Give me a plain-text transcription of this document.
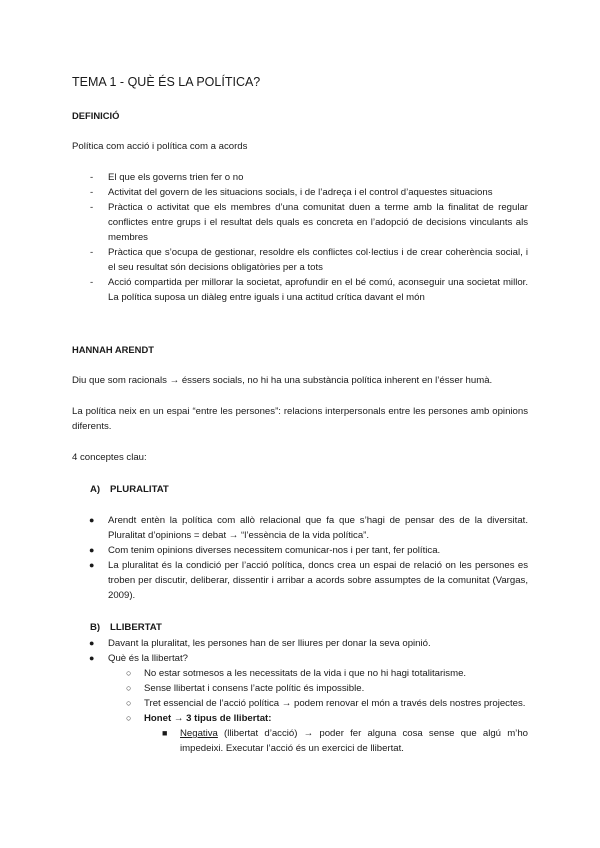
TEMA 1 - QUÈ ÉS LA POLÍTICA?
DEFINICIÓ
Política com acció i política com a acords
- El que els governs trien fer o no
- Activitat del govern de les situacions socials, i de l’adreça i el control d’aquestes situacions
- Pràctica o activitat que els membres d’una comunitat duen a terme amb la finalitat de regular conflictes entre grups i el resultat dels quals es concreta en l’adopció de decisions vinculants als membres
- Pràctica que s’ocupa de gestionar, resoldre els conflictes col·lectius i de crear coherència social, i el seu resultat són decisions obligatòries per a tots
- Acció compartida per millorar la societat, aprofundir en el bé comú, aconseguir una societat millor. La política suposa un diàleg entre iguals i una actitud crítica davant el món
HANNAH ARENDT
Diu que som racionals → éssers socials, no hi ha una substància política inherent en l’ésser humà.
La política neix en un espai “entre les persones”: relacions interpersonals entre les persones amb opinions diferents.
4 conceptes clau:
A) PLURALITAT
● Arendt entèn la política com allò relacional que fa que s’hagi de pensar des de la diversitat. Pluralitat d’opinions = debat → “l’essència de la vida política”.
● Com tenim opinions diverses necessitem comunicar-nos i per tant, fer política.
● La pluralitat és la condició per l’acció política, doncs crea un espai de relació on les persones es troben per discutir, deliberar, dissentir i arribar a acords sobre assumptes de la comunitat (Vargas, 2009).
B) LLIBERTAT
● Davant la pluralitat, les persones han de ser lliures per donar la seva opinió.
● Què és la llibertat?
○ No estar sotmesos a les necessitats de la vida i que no hi hagi totalitarisme.
○ Sense llibertat i consens l’acte polític és impossible.
○ Tret essencial de l’acció política → podem renovar el món a través dels nostres projectes.
○ Honet → 3 tipus de llibertat:
■ Negativa (llibertat d’acció) → poder fer alguna cosa sense que algú m’ho impedeixi. Executar l’acció és un exercici de llibertat.
